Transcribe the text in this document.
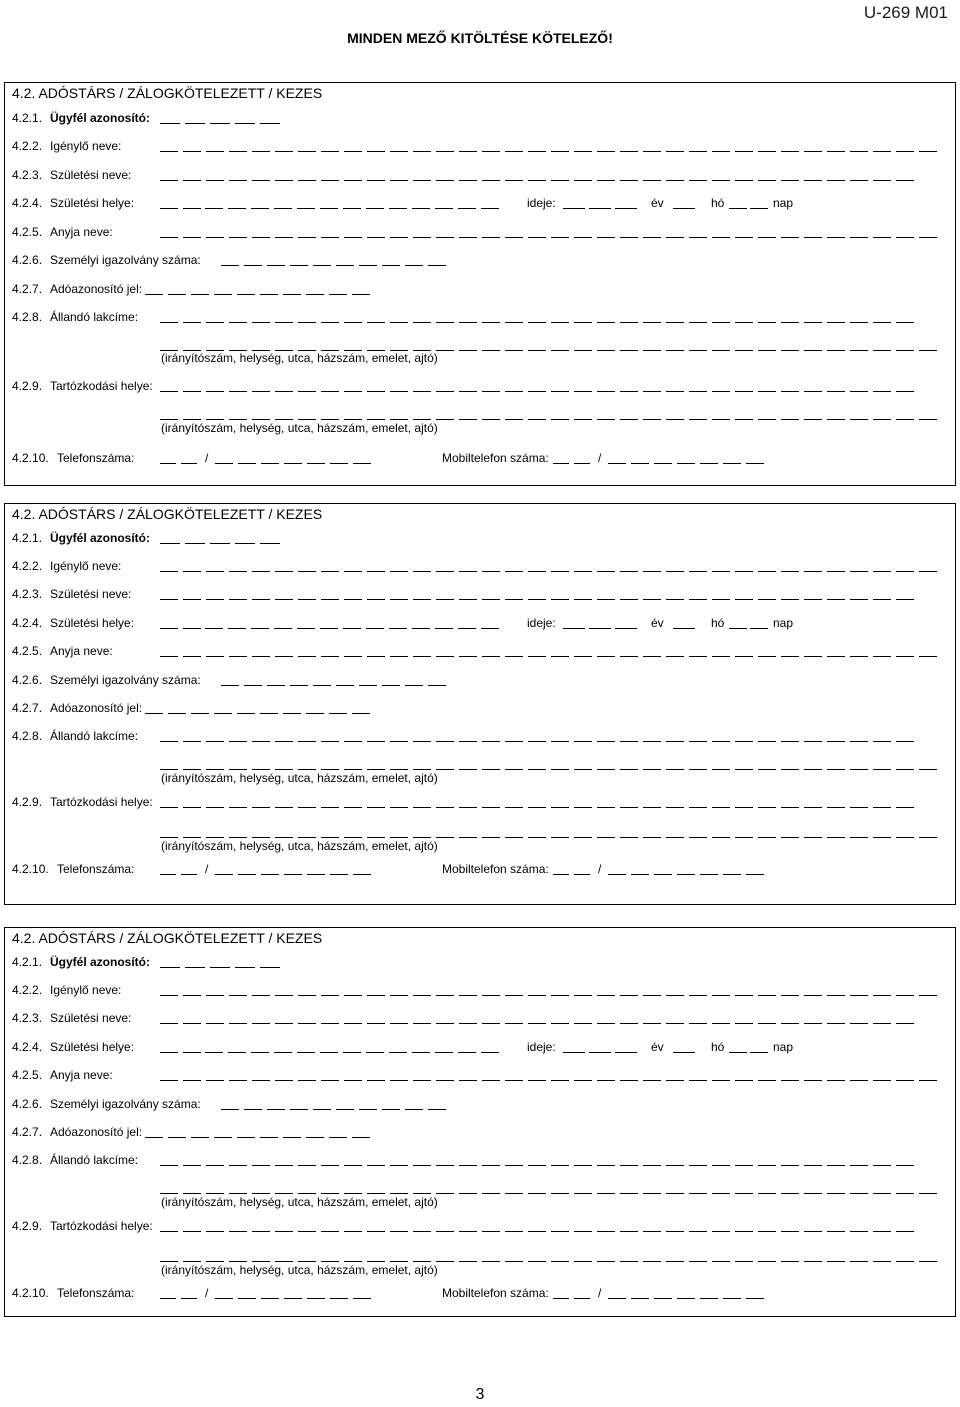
U-269 M01
MINDEN MEZŐ KITÖLTÉSE KÖTELEZŐ!
4.2. ADÓSTÁRS / ZÁLOGKÖTELEZETT / KEZES
4.2.1. Ügyfél azonosító:
4.2.2. Igénylő neve:
4.2.3. Születési neve:
4.2.4. Születési helye:	ideje:	év	hó	nap
4.2.5. Anyja neve:
4.2.6. Személyi igazolvány száma:
4.2.7. Adóazonosító jel:
4.2.8. Állandó lakcíme:
(irányítószám, helység, utca, házszám, emelet, ajtó)
4.2.9. Tartózkodási helye:
(irányítószám, helység, utca, házszám, emelet, ajtó)
4.2.10. Telefonszáma:	/	Mobiltelefon száma:	/
4.2. ADÓSTÁRS / ZÁLOGKÖTELEZETT / KEZES
4.2.1. Ügyfél azonosító:
4.2.2. Igénylő neve:
4.2.3. Születési neve:
4.2.4. Születési helye:	ideje:	év	hó	nap
4.2.5. Anyja neve:
4.2.6. Személyi igazolvány száma:
4.2.7. Adóazonosító jel:
4.2.8. Állandó lakcíme:
(irányítószám, helység, utca, házszám, emelet, ajtó)
4.2.9. Tartózkodási helye:
(irányítószám, helység, utca, házszám, emelet, ajtó)
4.2.10. Telefonszáma:	/	Mobiltelefon száma:	/
4.2. ADÓSTÁRS / ZÁLOGKÖTELEZETT / KEZES
4.2.1. Ügyfél azonosító:
4.2.2. Igénylő neve:
4.2.3. Születési neve:
4.2.4. Születési helye:	ideje:	év	hó	nap
4.2.5. Anyja neve:
4.2.6. Személyi igazolvány száma:
4.2.7. Adóazonosító jel:
4.2.8. Állandó lakcíme:
(irányítószám, helység, utca, házszám, emelet, ajtó)
4.2.9. Tartózkodási helye:
(irányítószám, helység, utca, házszám, emelet, ajtó)
4.2.10. Telefonszáma:	/	Mobiltelefon száma:	/
3
